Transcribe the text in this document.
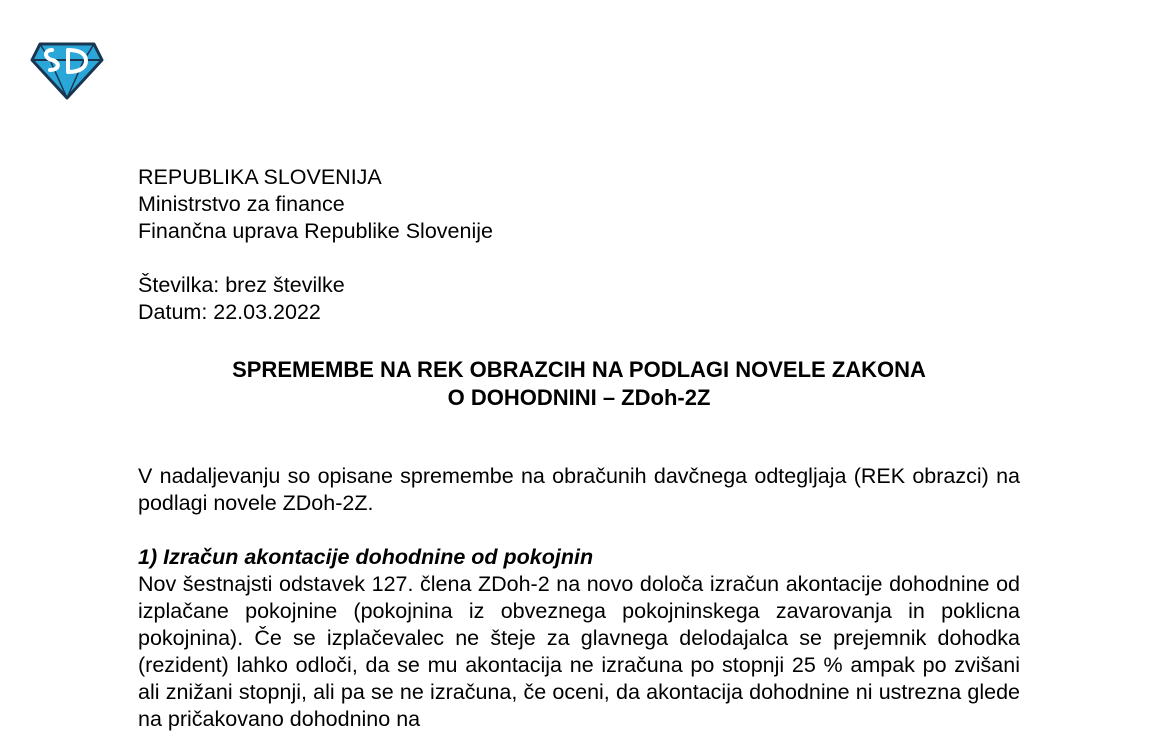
REPUBLIKA SLOVENIJA
Ministrstvo za finance
Finančna uprava Republike Slovenije
Številka: brez številke
Datum: 22.03.2022
SPREMEMBE NA REK OBRAZCIH NA PODLAGI NOVELE ZAKONA
O DOHODNINI – ZDoh-2Z

V nadaljevanju so opisane spremembe na obračunih davčnega odtegljaja (REK obrazci) na podlagi novele ZDoh-2Z.

1) Izračun akontacije dohodnine od pokojnin

Nov šestnajsti odstavek 127. člena ZDoh-2 na novo določa izračun akontacije dohodnine od izplačane pokojnine (pokojnina iz obveznega pokojninskega zavarovanja in poklicna pokojnina). Če se izplačevalec ne šteje za glavnega delodajalca se prejemnik dohodka (rezident) lahko odloči, da se mu akontacija ne izračuna po stopnji 25 % ampak po zvišani ali znižani stopnji, ali pa se ne izračuna, če oceni, da akontacija dohodnine ni ustrezna glede na pričakovano dohodnino na
